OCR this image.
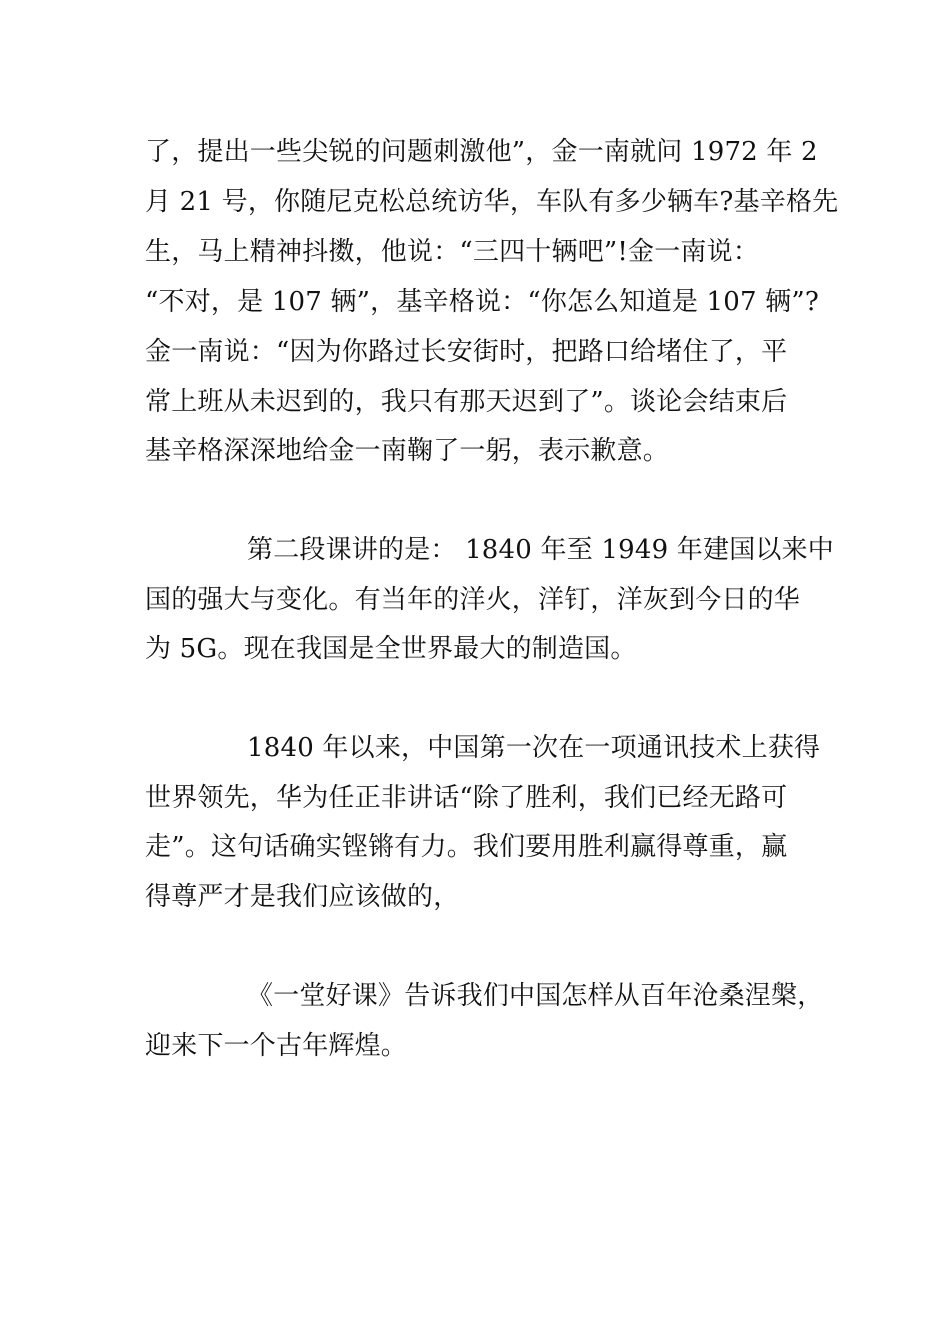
了，提出一些尖锐的问题刺激他”，金一南就问 1972 年 2
月 21 号，你随尼克松总统访华，车队有多少辆车?基辛格先
生，马上精神抖擞，他说：“三四十辆吧”!金一南说：
“不对，是 107 辆”，基辛格说：“你怎么知道是 107 辆”?
金一南说：“因为你路过长安街时，把路口给堵住了，平
常上班从未迟到的，我只有那天迟到了”。谈论会结束后
基辛格深深地给金一南鞠了一躬，表示歉意。
第二段课讲的是： 1840 年至 1949 年建国以来中
国的强大与变化。有当年的洋火，洋钉，洋灰到今日的华
为 5G。现在我国是全世界最大的制造国。
1840 年以来，中国第一次在一项通讯技术上获得
世界领先，华为任正非讲话“除了胜利，我们已经无路可
走”。这句话确实铿锵有力。我们要用胜利赢得尊重，赢
得尊严才是我们应该做的，
《一堂好课》告诉我们中国怎样从百年沧桑涅槃，
迎来下一个古年辉煌。
